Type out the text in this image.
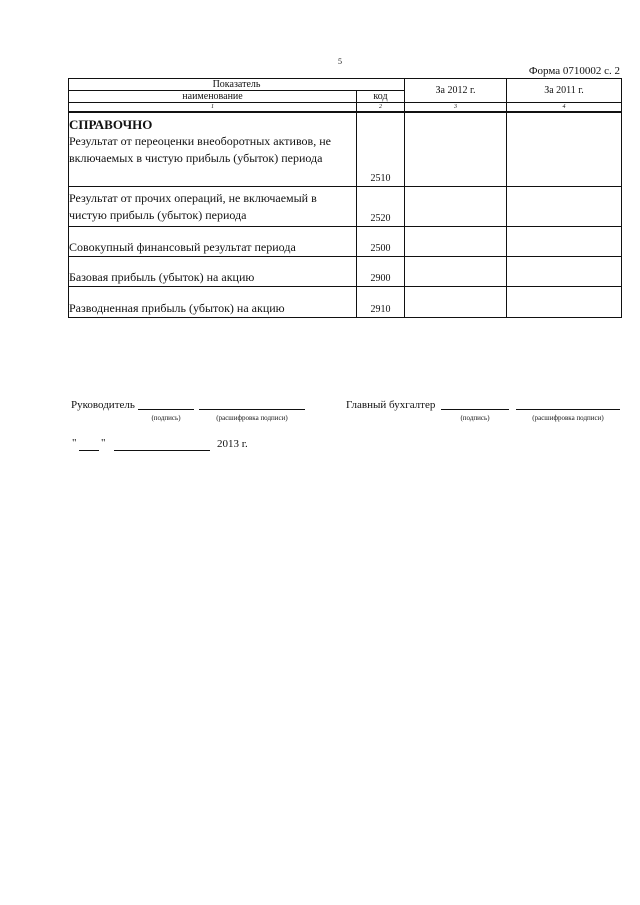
5
Форма 0710002 с. 2
Показатель		За 2012 г.	За 2011 г.
наименование	код		
1	2	3	4

СПРАВОЧНО
Результат от переоценки внеоборотных активов, не включаемых в чистую прибыль (убыток) периода	2510		

Результат от прочих операций, не включаемый в чистую прибыль (убыток) периода	2520		

Совокупный финансовый результат периода	2500		

Базовая прибыль (убыток) на акцию	2900		

Разводненная прибыль (убыток) на акцию	2910		

Руководитель
(подпись)	(расшифровка подписи)
Главный бухгалтер
(подпись)	(расшифровка подписи)
" "	2013 г.
